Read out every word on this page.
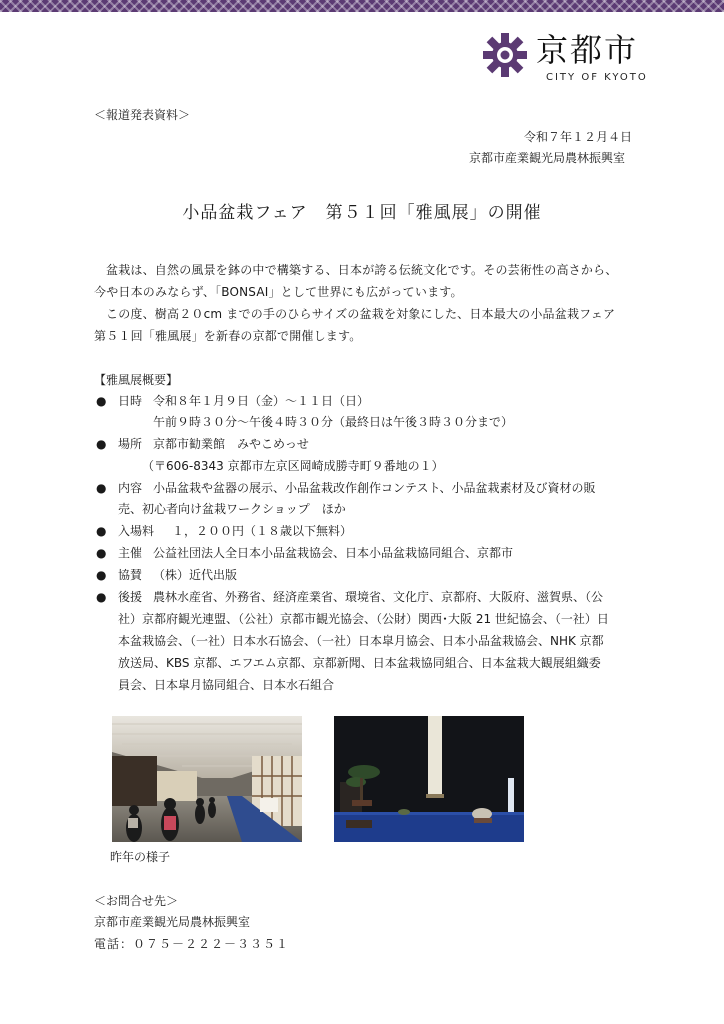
京都市
CITY OF KYOTO
＜報道発表資料＞
令和７年１２月４日
京都市産業観光局農林振興室
小品盆栽フェア　第５１回「雅風展」の開催
盆栽は、自然の風景を鉢の中で構築する、日本が誇る伝統文化です。その芸術性の高さから、
今や日本のみならず、「BONSAI」として世界にも広がっています。
この度、樹高２０cm までの手のひらサイズの盆栽を対象にした、日本最大の小品盆栽フェア
第５１回「雅風展」を新春の京都で開催します。
【雅風展概要】
● 日時 令和８年１月９日（金）～１１日（日）
午前９時３０分～午後４時３０分（最終日は午後３時３０分まで）
● 場所 京都市勧業館　みやこめっせ
（〒606-8343 京都市左京区岡崎成勝寺町９番地の１）
● 内容 小品盆栽や盆器の展示、小品盆栽改作創作コンテスト、小品盆栽素材及び資材の販
売、初心者向け盆栽ワークショップ　ほか
● 入場料 １，２００円（１８歳以下無料）
● 主催 公益社団法人全日本小品盆栽協会、日本小品盆栽協同組合、京都市
● 協賛 （株）近代出版
● 後援 農林水産省、外務省、経済産業省、環境省、文化庁、京都府、大阪府、滋賀県、（公
社）京都府観光連盟、（公社）京都市観光協会、（公財）関西･大阪 21 世紀協会、（一社）日
本盆栽協会、（一社）日本水石協会、（一社）日本皐月協会、日本小品盆栽協会、NHK 京都
放送局、KBS 京都、エフエム京都、京都新聞、日本盆栽協同組合、日本盆栽大観展組織委
員会、日本皐月協同組合、日本水石組合
昨年の様子
＜お問合せ先＞
京都市産業観光局農林振興室
電話：０７５－２２２－３３５１
